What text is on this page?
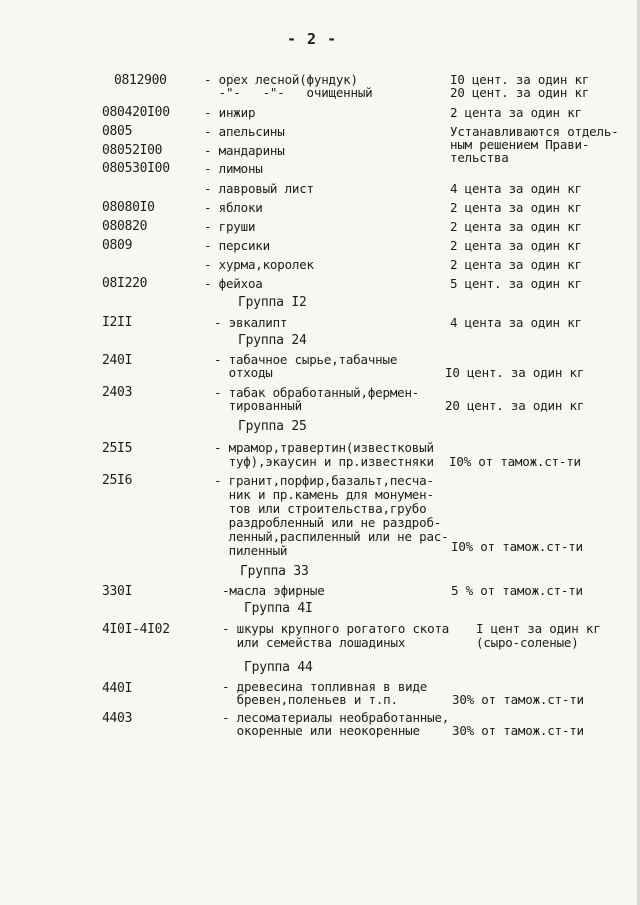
- 2 -
0812900	- орех лесной(фундук)	I0 цент. за один кг
-"-   -"-   очищенный	20 цент. за один кг
080420I00	- инжир	2 цента за один кг
0805	- апельсины	Устанавливаются отдель-
08052I00	- мандарины	ным решением Прави-
тельства
080530I00	- лимоны
- лавровый лист	4 цента за один кг
08080I0	- яблоки	2 цента за один кг
080820	- груши	2 цента за один кг
0809	- персики	2 цента за один кг
- хурма,королек	2 цента за один кг
08I220	- фейхоа	5 цент. за один кг
Группа I2
I2II	- эвкалипт	4 цента за один кг
Группа 24
240I	- табачное сырье,табачные
отходы	I0 цент. за один кг
2403	- табак обработанный,фермен-
тированный	20 цент. за один кг
Группа 25
25I5	- мрамор,травертин(известковый
туф),экаусин и пр.известняки I0% от тамож.ст-ти
25I6	- гранит,порфир,базальт,песча-
ник и пр.камень для монумен-
тов или строительства,грубо
раздробленный или не раздроб-
ленный,распиленный или не рас-
пиленный	I0% от тамож.ст-ти
Группа 33
330I	-масла эфирные	5 % от тамож.ст-ти
Группа 4I
4I0I-4I02	- шкуры крупного рогатого скота I цент за один кг
или семейства лошадиных	(сыро-соленые)
Группа 44
440I	- древесина топливная в виде
бревен,поленьев и т.п.	30% от тамож.ст-ти
4403	- лесоматериалы необработанные,
окоренные или неокоренные	30% от тамож.ст-ти
